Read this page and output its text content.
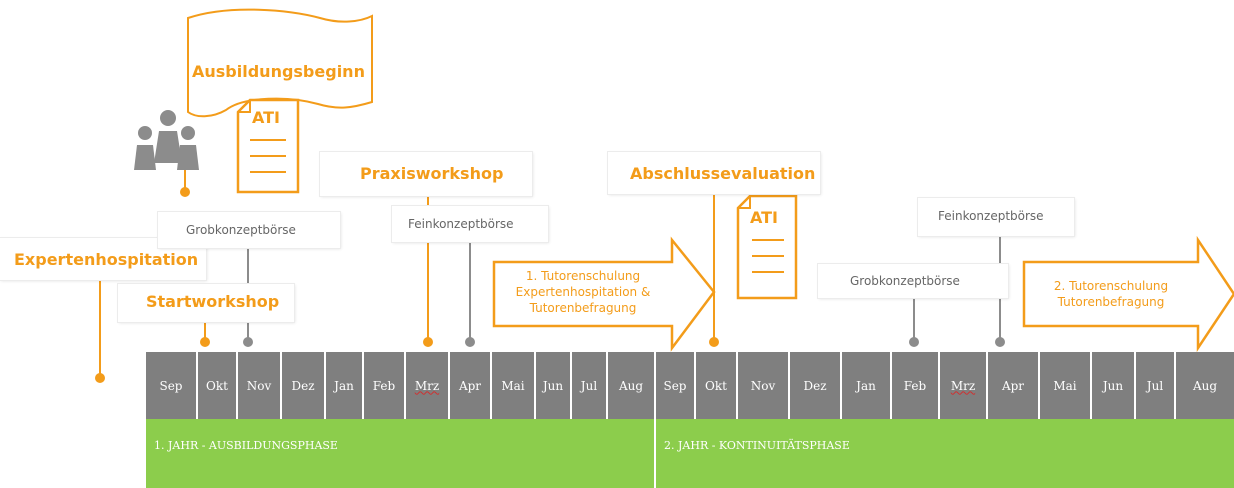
Ausbildungsbeginn
ATI
ATI
Expertenhospitation
Startworkshop
Grobkonzeptbörse
Praxisworkshop
Feinkonzeptbörse
Abschlussevaluation
Grobkonzeptbörse
Feinkonzeptbörse
1. Tutorenschulung
Expertenhospitation &
Tutorenbefragung
2. Tutorenschulung
Tutorenbefragung
Sep Okt Nov Dez Jan Feb Mrz Apr Mai Jun Jul Aug Sep Okt Nov Dez Jan Feb Mrz Apr Mai Jun Jul Aug
1. JAHR - AUSBILDUNGSPHASE	2. JAHR - KONTINUITÄTSPHASE
